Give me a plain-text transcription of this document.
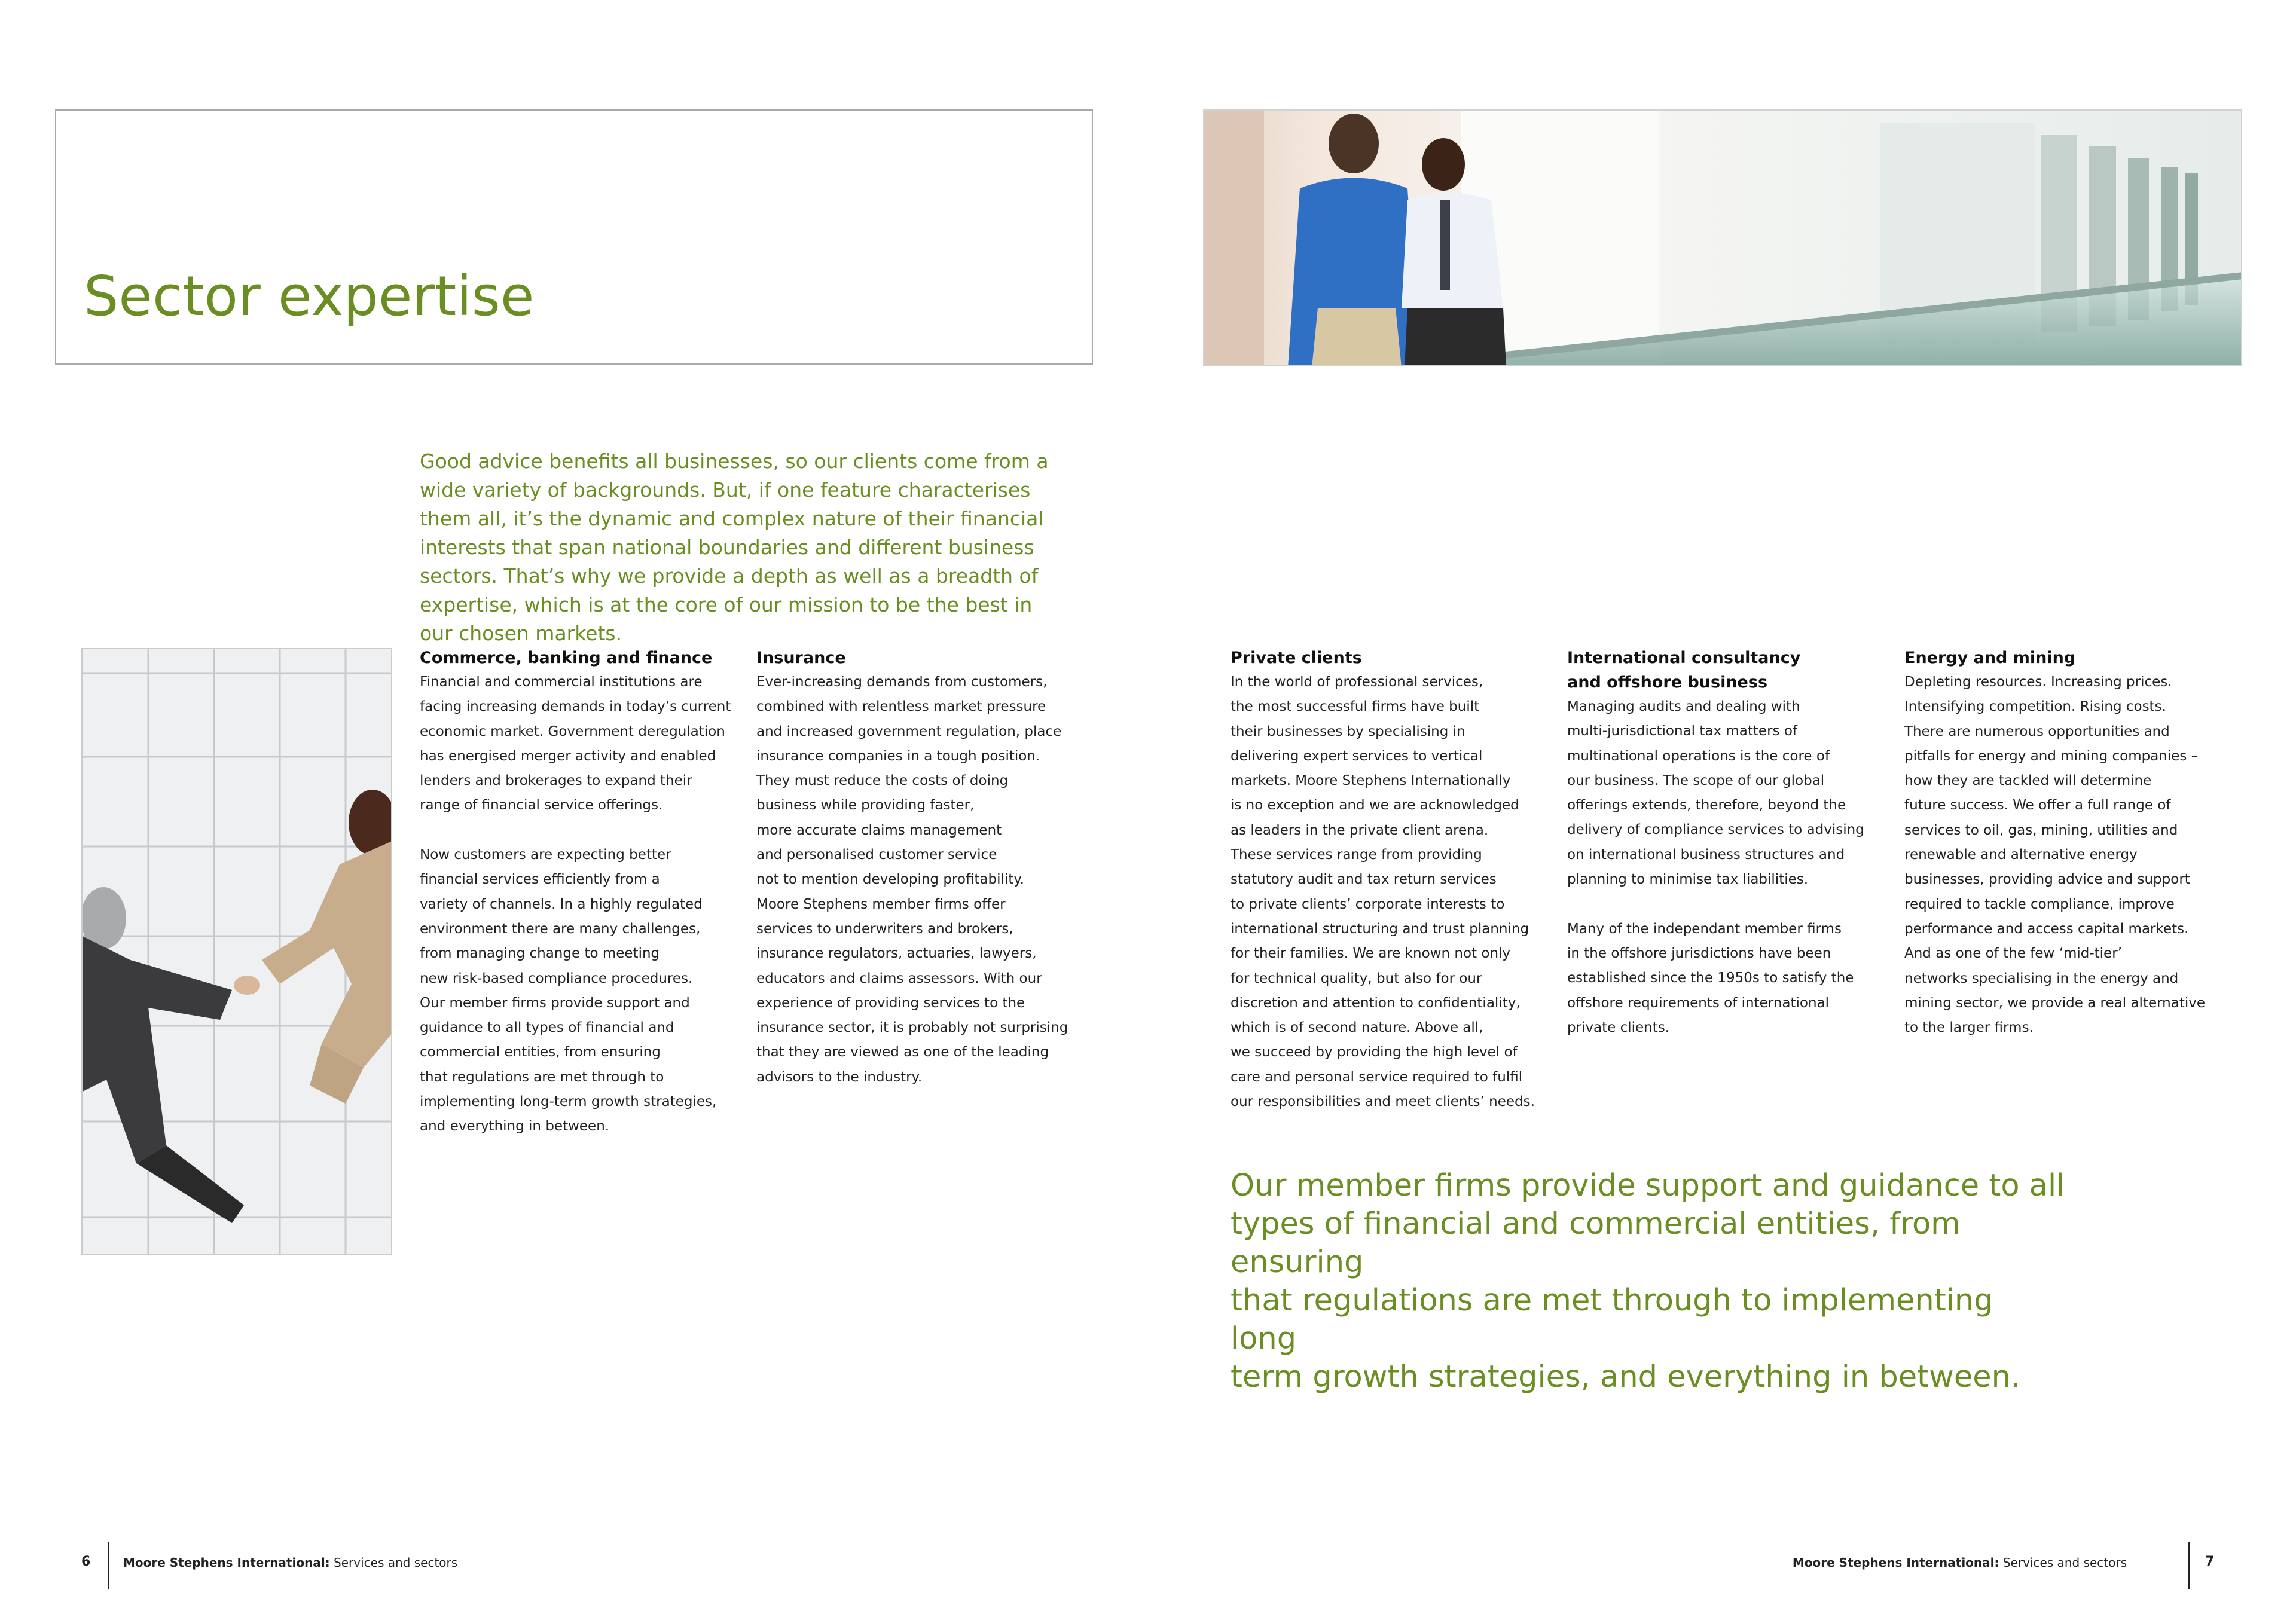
Sector expertise

Good advice benefits all businesses, so our clients come from a wide variety of backgrounds. But, if one feature characterises them all, it’s the dynamic and complex nature of their financial interests that span national boundaries and different business sectors. That’s why we provide a depth as well as a breadth of expertise, which is at the core of our mission to be the best in our chosen markets.

Commerce, banking and finance

Financial and commercial institutions are
facing increasing demands in today’s current
economic market. Government deregulation
has energised merger activity and enabled
lenders and brokerages to expand their
range of financial service offerings.

Now customers are expecting better
financial services efficiently from a
variety of channels. In a highly regulated
environment there are many challenges,
from managing change to meeting
new risk-based compliance procedures.
Our member firms provide support and
guidance to all types of financial and
commercial entities, from ensuring
that regulations are met through to
implementing long-term growth strategies,
and everything in between.

Insurance

Ever-increasing demands from customers,
combined with relentless market pressure
and increased government regulation, place
insurance companies in a tough position.
They must reduce the costs of doing
business while providing faster,
more accurate claims management
and personalised customer service
not to mention developing profitability.
Moore Stephens member firms offer
services to underwriters and brokers,
insurance regulators, actuaries, lawyers,
educators and claims assessors. With our
experience of providing services to the
insurance sector, it is probably not surprising
that they are viewed as one of the leading
advisors to the industry.

Private clients

In the world of professional services,
the most successful firms have built
their businesses by specialising in
delivering expert services to vertical
markets. Moore Stephens Internationally
is no exception and we are acknowledged
as leaders in the private client arena.
These services range from providing
statutory audit and tax return services
to private clients’ corporate interests to
international structuring and trust planning
for their families. We are known not only
for technical quality, but also for our
discretion and attention to confidentiality,
which is of second nature. Above all,
we succeed by providing the high level of
care and personal service required to fulfil
our responsibilities and meet clients’ needs.

International consultancy
and offshore business

Managing audits and dealing with
multi-jurisdictional tax matters of
multinational operations is the core of
our business. The scope of our global
offerings extends, therefore, beyond the
delivery of compliance services to advising
on international business structures and
planning to minimise tax liabilities.

Many of the independant member firms
in the offshore jurisdictions have been
established since the 1950s to satisfy the
offshore requirements of international
private clients.

Energy and mining

Depleting resources. Increasing prices.
Intensifying competition. Rising costs.
There are numerous opportunities and
pitfalls for energy and mining companies –
how they are tackled will determine
future success. We offer a full range of
services to oil, gas, mining, utilities and
renewable and alternative energy
businesses, providing advice and support
required to tackle compliance, improve
performance and access capital markets.
And as one of the few ‘mid-tier’
networks specialising in the energy and
mining sector, we provide a real alternative
to the larger firms.

Our member firms provide support and guidance to all
types of financial and commercial entities, from ensuring
that regulations are met through to implementing long
term growth strategies, and everything in between.

6	Moore Stephens International: Services and sectors	Moore Stephens International: Services and sectors	7
